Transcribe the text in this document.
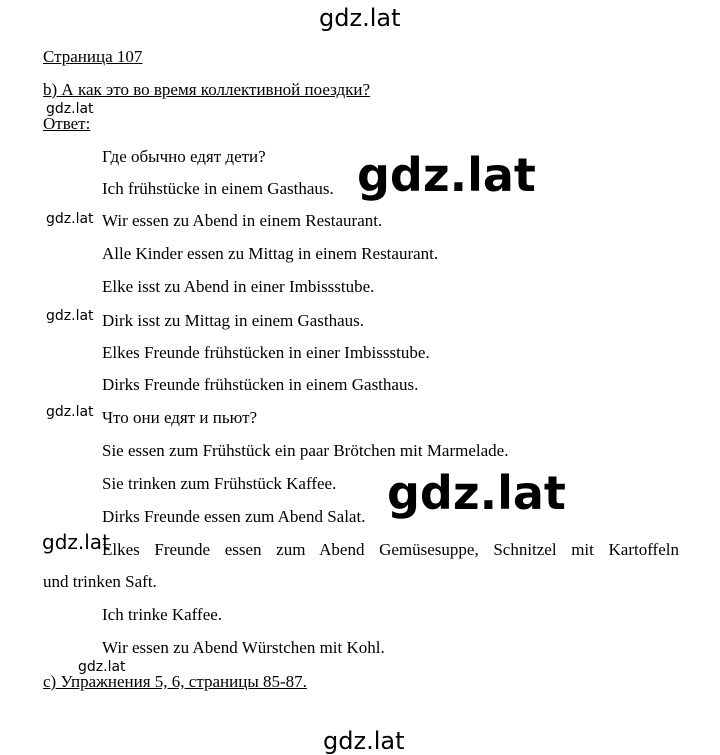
gdz.lat
gdz.lat
gdz.lat
gdz.lat
gdz.lat
gdz.lat
gdz.lat
gdz.lat
gdz.lat
gdz.lat
Страница 107
b) А как это во время коллективной поездки?
Ответ:
Где обычно едят дети?
Ich frühstücke in einem Gasthaus.
Wir essen zu Abend in einem Restaurant.
Alle Kinder essen zu Mittag in einem Restaurant.
Elke isst zu Abend in einer Imbissstube.
Dirk isst zu Mittag in einem Gasthaus.
Elkes Freunde frühstücken in einer Imbissstube.
Dirks Freunde frühstücken in einem Gasthaus.
Что они едят и пьют?
Sie essen zum Frühstück ein paar Brötchen mit Marmelade.
Sie trinken zum Frühstück Kaffee.
Dirks Freunde essen zum Abend Salat.
Elkes Freunde essen zum Abend Gemüsesuppe, Schnitzel mit Kartoffeln
und trinken Saft.
Ich trinke Kaffee.
Wir essen zu Abend Würstchen mit Kohl.
c) Упражнения 5, 6, страницы 85-87.
